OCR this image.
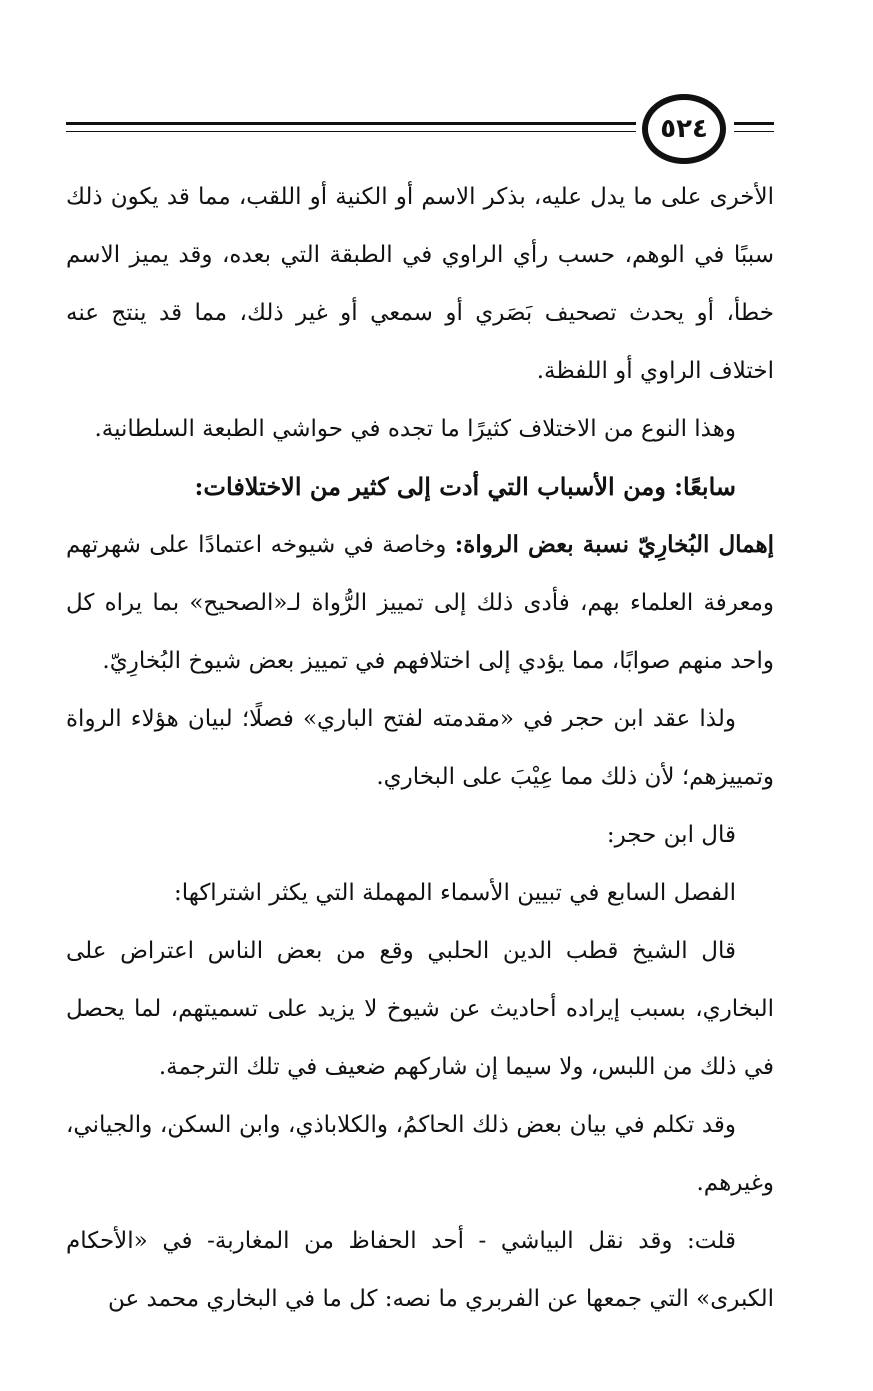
٥٢٤

الأخرى على ما يدل عليه، بذكر الاسم أو الكنية أو اللقب، مما قد يكون ذلك سببًا في الوهم، حسب رأي الراوي في الطبقة التي بعده، وقد يميز الاسم خطأ، أو يحدث تصحيف بَصَري أو سمعي أو غير ذلك، مما قد ينتج عنه اختلاف الراوي أو اللفظة.

وهذا النوع من الاختلاف كثيرًا ما تجده في حواشي الطبعة السلطانية.

سابعًا: ومن الأسباب التي أدت إلى كثير من الاختلافات:

إهمال البُخارِيّ نسبة بعض الرواة: وخاصة في شيوخه اعتمادًا على شهرتهم ومعرفة العلماء بهم، فأدى ذلك إلى تمييز الرُّواة لـ«الصحيح» بما يراه كل واحد منهم صوابًا، مما يؤدي إلى اختلافهم في تمييز بعض شيوخ البُخارِيّ.

ولذا عقد ابن حجر في «مقدمته لفتح الباري» فصلًا؛ لبيان هؤلاء الرواة وتمييزهم؛ لأن ذلك مما عِيْبَ على البخاري.

قال ابن حجر:

الفصل السابع في تبيين الأسماء المهملة التي يكثر اشتراكها:

قال الشيخ قطب الدين الحلبي وقع من بعض الناس اعتراض على البخاري، بسبب إيراده أحاديث عن شيوخ لا يزيد على تسميتهم، لما يحصل في ذلك من اللبس، ولا سيما إن شاركهم ضعيف في تلك الترجمة.

وقد تكلم في بيان بعض ذلك الحاكمُ، والكلاباذي، وابن السكن، والجياني، وغيرهم.

قلت: وقد نقل البياشي - أحد الحفاظ من المغاربة- في «الأحكام الكبرى» التي جمعها عن الفربري ما نصه: كل ما في البخاري محمد عن
